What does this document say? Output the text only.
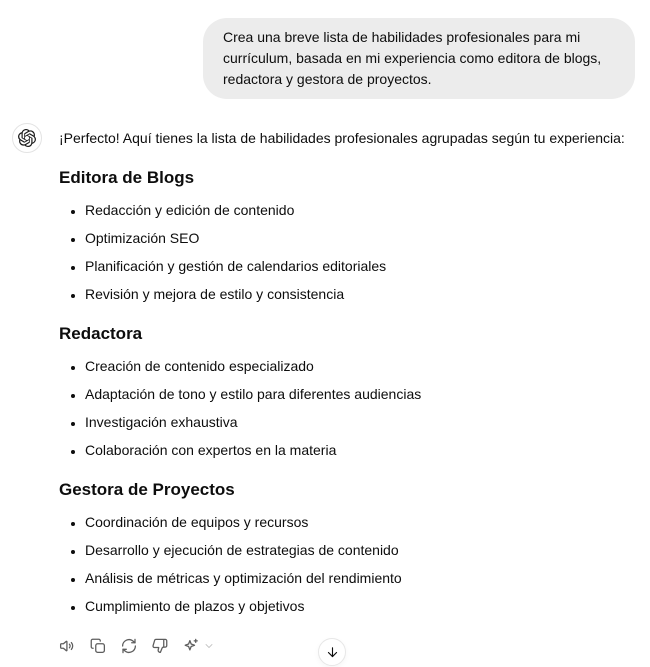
Crea una breve lista de habilidades profesionales para mi currículum, basada en mi experiencia como editora de blogs, redactora y gestora de proyectos.

¡Perfecto! Aquí tienes la lista de habilidades profesionales agrupadas según tu experiencia:

Editora de Blogs
• Redacción y edición de contenido
• Optimización SEO
• Planificación y gestión de calendarios editoriales
• Revisión y mejora de estilo y consistencia
Redactora
• Creación de contenido especializado
• Adaptación de tono y estilo para diferentes audiencias
• Investigación exhaustiva
• Colaboración con expertos en la materia
Gestora de Proyectos
• Coordinación de equipos y recursos
• Desarrollo y ejecución de estrategias de contenido
• Análisis de métricas y optimización del rendimiento
• Cumplimiento de plazos y objetivos
